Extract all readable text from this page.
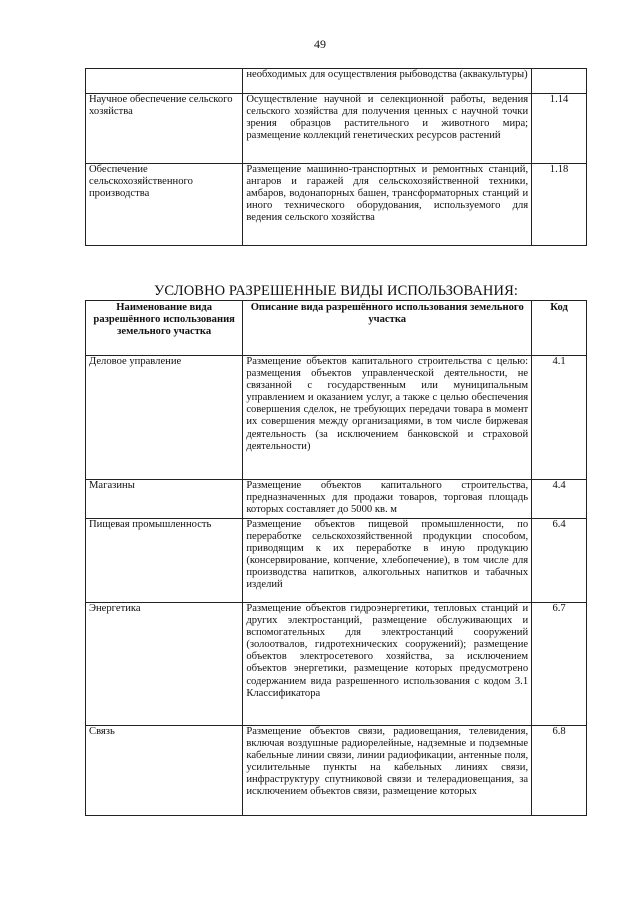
49
	необходимых для осуществления рыбоводства (аквакультуры)	
Научное обеспечение сельского хозяйства	Осуществление научной и селекционной работы, ведения сельского хозяйства для получения ценных с научной точки зрения образцов растительного и животного мира; размещение коллекций генетических ресурсов растений	1.14
Обеспечение сельскохозяйственного производства	Размещение машинно-транспортных и ремонтных станций, ангаров и гаражей для сельскохозяйственной техники, амбаров, водонапорных башен, трансформаторных станций и иного технического оборудования, используемого для ведения сельского хозяйства	1.18
УСЛОВНО РАЗРЕШЕННЫЕ ВИДЫ ИСПОЛЬЗОВАНИЯ:
Наименование вида разрешённого использования земельного участка	Описание вида разрешённого использования земельного участка	Код
Деловое управление	Размещение объектов капитального строительства с целью: размещения объектов управленческой деятельности, не связанной с государственным или муниципальным управлением и оказанием услуг, а также с целью обеспечения совершения сделок, не требующих передачи товара в момент их совершения между организациями, в том числе биржевая деятельность (за исключением банковской и страховой деятельности)	4.1
Магазины	Размещение объектов капитального строительства, предназначенных для продажи товаров, торговая площадь которых составляет до 5000 кв. м	4.4
Пищевая промышленность	Размещение объектов пищевой промышленности, по переработке сельскохозяйственной продукции способом, приводящим к их переработке в иную продукцию (консервирование, копчение, хлебопечение), в том числе для производства напитков, алкогольных напитков и табачных изделий	6.4
Энергетика	Размещение объектов гидроэнергетики, тепловых станций и других электростанций, размещение обслуживающих и вспомогательных для электростанций сооружений (золоотвалов, гидротехнических сооружений); размещение объектов электросетевого хозяйства, за исключением объектов энергетики, размещение которых предусмотрено содержанием вида разрешенного использования с кодом 3.1 Классификатора	6.7
Связь	Размещение объектов связи, радиовещания, телевидения, включая воздушные радиорелейные, надземные и подземные кабельные линии связи, линии радиофикации, антенные поля, усилительные пункты на кабельных линиях связи, инфраструктуру спутниковой связи и телерадиовещания, за исключением объектов связи, размещение которых	6.8
